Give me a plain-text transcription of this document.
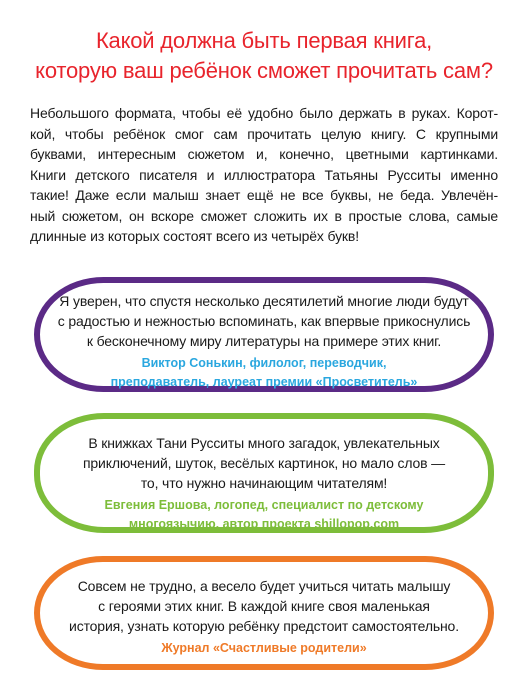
Какой должна быть первая книга,
которую ваш ребёнок сможет прочитать сам?
Небольшого формата, чтобы её удобно было держать в руках. Корот-
кой, чтобы ребёнок смог сам прочитать целую книгу. С крупными
буквами, интересным сюжетом и, конечно, цветными картинками.
Книги детского писателя и иллюстратора Татьяны Русситы именно
такие! Даже если малыш знает ещё не все буквы, не беда. Увлечён-
ный сюжетом, он вскоре сможет сложить их в простые слова, самые
длинные из которых состоят всего из четырёх букв!
Я уверен, что спустя несколько десятилетий многие люди будут
с радостью и нежностью вспоминать, как впервые прикоснулись
к бесконечному миру литературы на примере этих книг.
Виктор Сонькин, филолог, переводчик,
преподаватель, лауреат премии «Просветитель»
В книжках Тани Русситы много загадок, увлекательных
приключений, шуток, весёлых картинок, но мало слов —
то, что нужно начинающим читателям!
Евгения Ершова, логопед, специалист по детскому
многоязычию, автор проекта shillopop.com
Совсем не трудно, а весело будет учиться читать малышу
с героями этих книг. В каждой книге своя маленькая
история, узнать которую ребёнку предстоит самостоятельно.
Журнал «Счастливые родители»
